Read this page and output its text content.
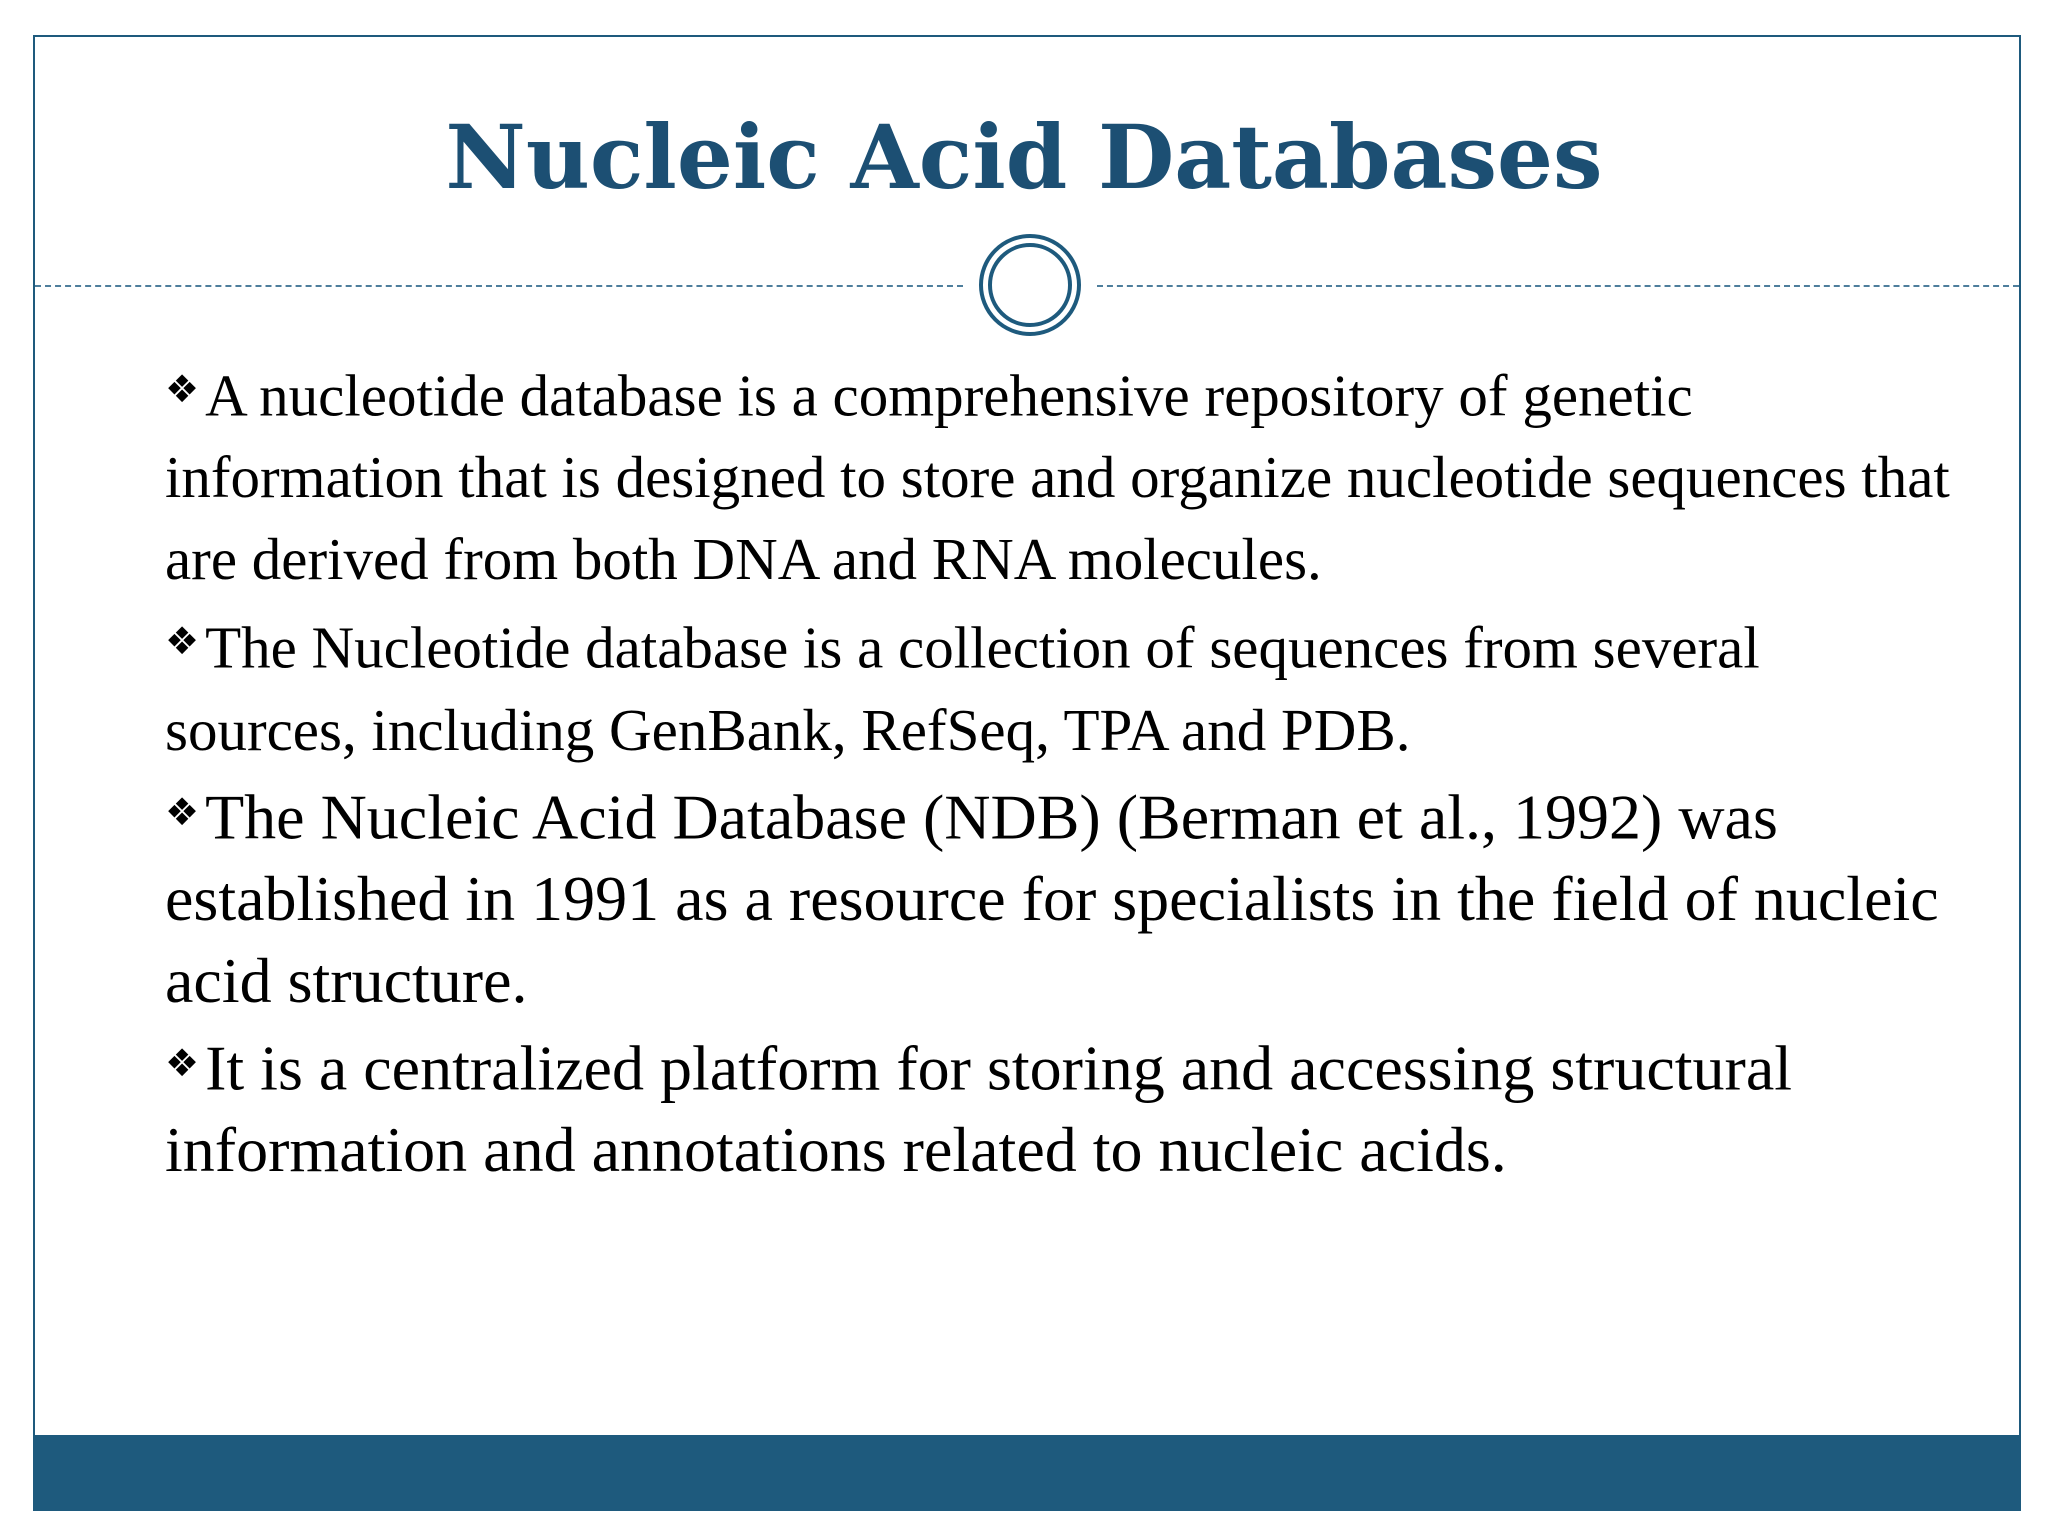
Nucleic Acid Databases

❖ A nucleotide database is a comprehensive repository of genetic information that is designed to store and organize nucleotide sequences that are derived from both DNA and RNA molecules.

❖ The Nucleotide database is a collection of sequences from several sources, including GenBank, RefSeq, TPA and PDB.

❖The Nucleic Acid Database (NDB) (Berman et al., 1992) was established in 1991 as a resource for specialists in the field of nucleic acid structure.

❖It is a centralized platform for storing and accessing structural information and annotations related to nucleic acids.
